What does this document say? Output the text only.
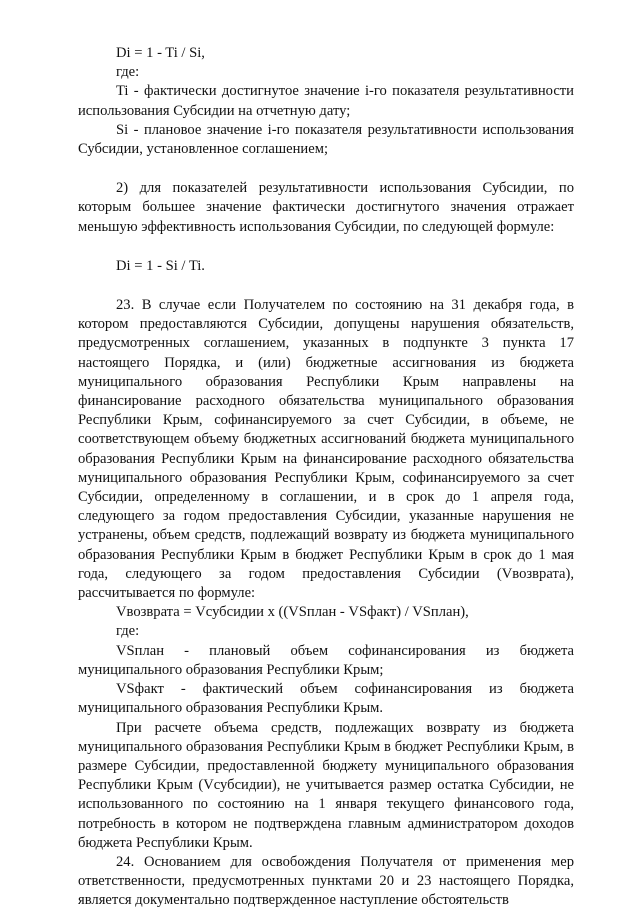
Di = 1 - Ti / Si,

где:

Ti - фактически достигнутое значение i-го показателя результативности использования Субсидии на отчетную дату;

Si - плановое значение i-го показателя результативности использования Субсидии, установленное соглашением;

2) для показателей результативности использования Субсидии, по которым большее значение фактически достигнутого значения отражает меньшую эффективность использования Субсидии, по следующей формуле:

Di = 1 - Si / Ti.

23. В случае если Получателем по состоянию на 31 декабря года, в котором предоставляются Субсидии, допущены нарушения обязательств, предусмотренных соглашением, указанных в подпункте 3 пункта 17 настоящего Порядка, и (или) бюджетные ассигнования из бюджета муниципального образования Республики Крым направлены на финансирование расходного обязательства муниципального образования Республики Крым, софинансируемого за счет Субсидии, в объеме, не соответствующем объему бюджетных ассигнований бюджета муниципального образования Республики Крым на финансирование расходного обязательства муниципального образования Республики Крым, софинансируемого за счет Субсидии, определенному в соглашении, и в срок до 1 апреля года, следующего за годом предоставления Субсидии, указанные нарушения не устранены, объем средств, подлежащий возврату из бюджета муниципального образования Республики Крым в бюджет Республики Крым в срок до 1 мая года, следующего за годом предоставления Субсидии (Vвозврата), рассчитывается по формуле:

Vвозврата = Vсубсидии x ((VSплан - VSфакт) / VSплан),

где:

VSплан - плановый объем софинансирования из бюджета муниципального образования Республики Крым;

VSфакт - фактический объем софинансирования из бюджета муниципального образования Республики Крым.

При расчете объема средств, подлежащих возврату из бюджета муниципального образования Республики Крым в бюджет Республики Крым, в размере Субсидии, предоставленной бюджету муниципального образования Республики Крым (Vсубсидии), не учитывается размер остатка Субсидии, не использованного по состоянию на 1 января текущего финансового года, потребность в котором не подтверждена главным администратором доходов бюджета Республики Крым.

24. Основанием для освобождения Получателя от применения мер ответственности, предусмотренных пунктами 20 и 23 настоящего Порядка, является документально подтвержденное наступление обстоятельств
